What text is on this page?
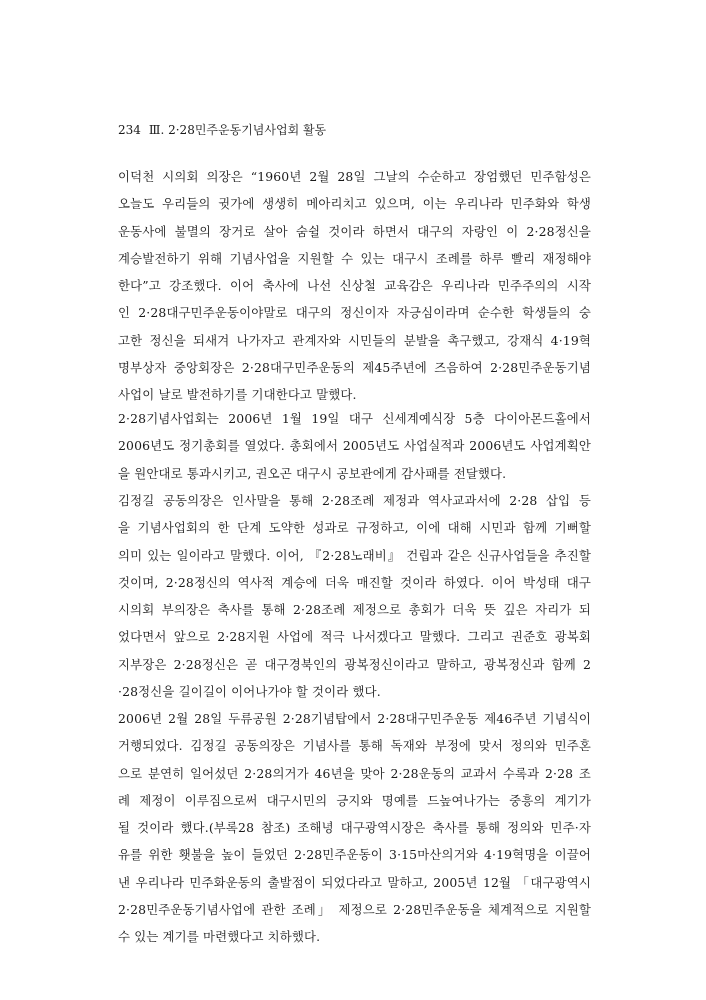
234 Ⅲ. 2·28민주운동기념사업회 활동
이덕천 시의회 의장은 “1960년 2월 28일 그날의 수순하고 장엄했던 민주함성은
오늘도 우리들의 귓가에 생생히 메아리치고 있으며, 이는 우리나라 민주화와 학생
운동사에 불멸의 장거로 살아 숨쉴 것이라 하면서 대구의 자랑인 이 2·28정신을
계승발전하기 위해 기념사업을 지원할 수 있는 대구시 조례를 하루 빨리 재정해야
한다”고 강조했다. 이어 축사에 나선 신상철 교육감은 우리나라 민주주의의 시작
인 2·28대구민주운동이야말로 대구의 정신이자 자긍심이라며 순수한 학생들의 숭
고한 정신을 되새겨 나가자고 관계자와 시민들의 분발을 촉구했고, 강재식 4·19혁
명부상자 중앙회장은 2·28대구민주운동의 제45주년에 즈음하여 2·28민주운동기념
사업이 날로 발전하기를 기대한다고 말했다.
2·28기념사업회는 2006년 1월 19일 대구 신세계예식장 5층 다이아몬드홀에서
2006년도 정기총회를 열었다. 총회에서 2005년도 사업실적과 2006년도 사업계획안
을 원안대로 통과시키고, 권오곤 대구시 공보관에게 감사패를 전달했다.
김정길 공동의장은 인사말을 통해 2·28조례 제정과 역사교과서에 2·28 삽입 등
을 기념사업회의 한 단계 도약한 성과로 규정하고, 이에 대해 시민과 함께 기뻐할
의미 있는 일이라고 말했다. 이어, 『2·28노래비』 건립과 같은 신규사업들을 추진할
것이며, 2·28정신의 역사적 계승에 더욱 매진할 것이라 하였다. 이어 박성태 대구
시의회 부의장은 축사를 통해 2·28조례 제정으로 총회가 더욱 뜻 깊은 자리가 되
었다면서 앞으로 2·28지원 사업에 적극 나서겠다고 말했다. 그리고 권준호 광복회
지부장은 2·28정신은 곧 대구경북인의 광복정신이라고 말하고, 광복정신과 함께 2
·28정신을 길이길이 이어나가야 할 것이라 했다.
2006년 2월 28일 두류공원 2·28기념탑에서 2·28대구민주운동 제46주년 기념식이
거행되었다. 김정길 공동의장은 기념사를 통해 독재와 부정에 맞서 정의와 민주혼
으로 분연히 일어섰던 2·28의거가 46년을 맞아 2·28운동의 교과서 수록과 2·28 조
례 제정이 이루짐으로써 대구시민의 긍지와 명예를 드높여나가는 중흥의 계기가
될 것이라 했다.(부록28 참조) 조해녕 대구광역시장은 축사를 통해 정의와 민주·자
유를 위한 횃불을 높이 들었던 2·28민주운동이 3·15마산의거와 4·19혁명을 이끌어
낸 우리나라 민주화운동의 출발점이 되었다라고 말하고, 2005년 12월 「대구광역시
2·28민주운동기념사업에 관한 조례」 제정으로 2·28민주운동을 체계적으로 지원할
수 있는 계기를 마련했다고 치하했다.
